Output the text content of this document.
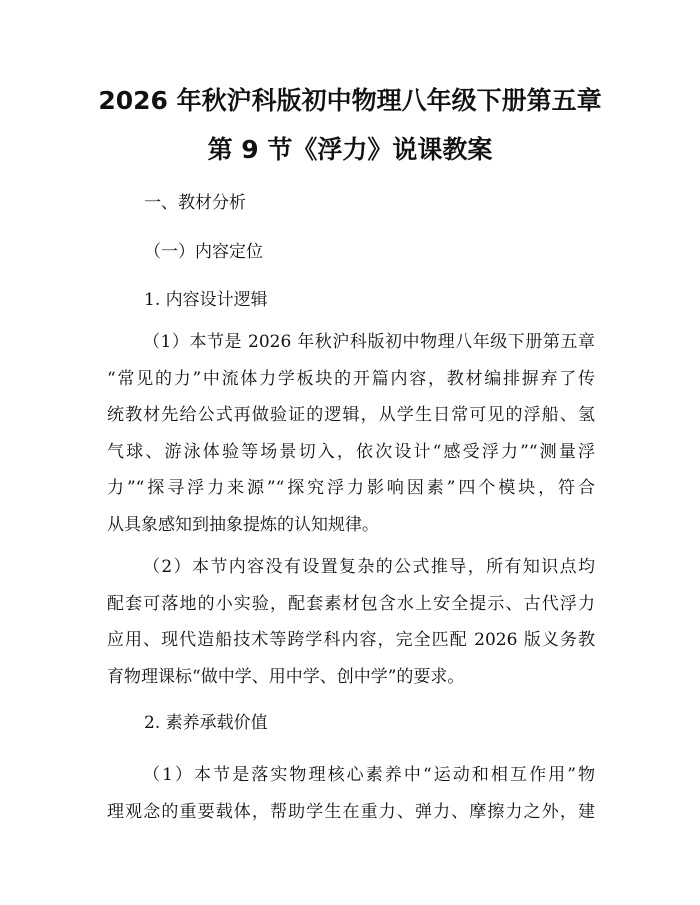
2026 年秋沪科版初中物理八年级下册第五章
第 9 节《浮力》说课教案
一、教材分析
（一）内容定位
1. 内容设计逻辑
（1）本节是 2026 年秋沪科版初中物理八年级下册第五章
“常见的力”中流体力学板块的开篇内容，教材编排摒弃了传
统教材先给公式再做验证的逻辑，从学生日常可见的浮船、氢
气球、游泳体验等场景切入，依次设计“感受浮力”“测量浮
力”“探寻浮力来源”“探究浮力影响因素”四个模块，符合
从具象感知到抽象提炼的认知规律。
（2）本节内容没有设置复杂的公式推导，所有知识点均
配套可落地的小实验，配套素材包含水上安全提示、古代浮力
应用、现代造船技术等跨学科内容，完全匹配 2026 版义务教
育物理课标“做中学、用中学、创中学”的要求。
2. 素养承载价值
（1）本节是落实物理核心素养中“运动和相互作用”物
理观念的重要载体，帮助学生在重力、弹力、摩擦力之外，建
